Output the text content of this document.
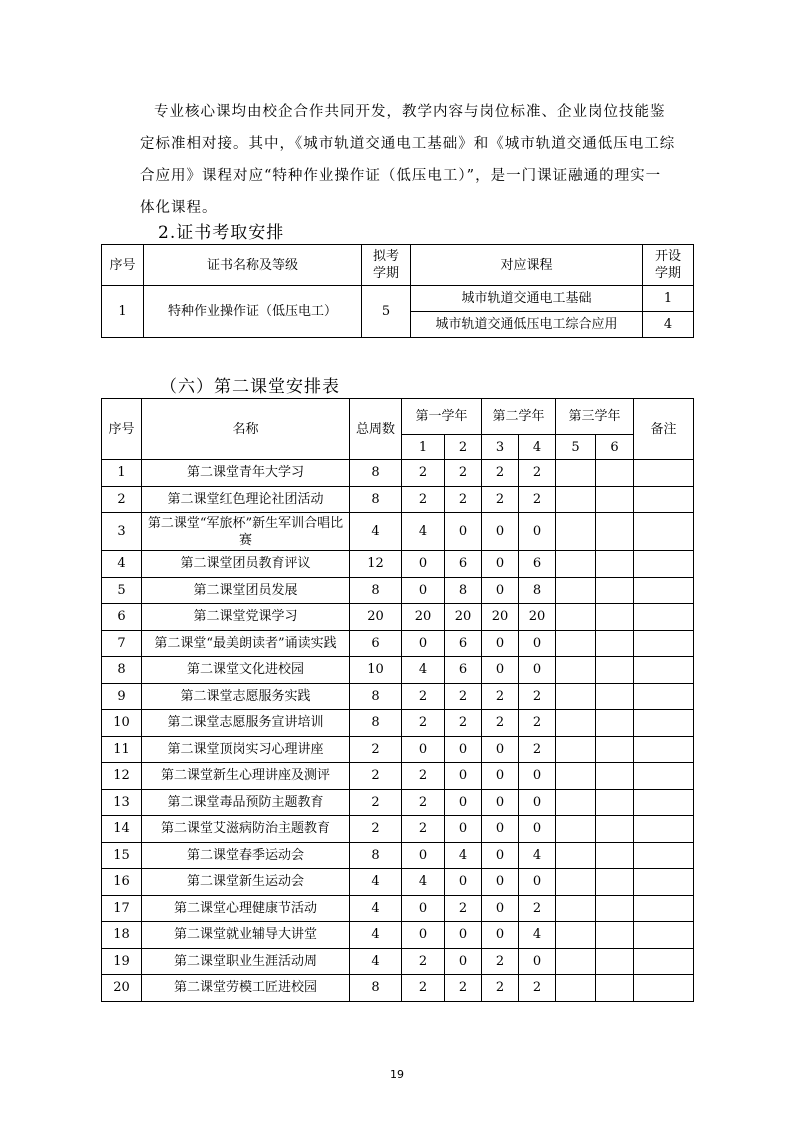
专业核心课均由校企合作共同开发，教学内容与岗位标准、企业岗位技能鉴
定标准相对接。其中，《城市轨道交通电工基础》和《城市轨道交通低压电工综
合应用》课程对应“特种作业操作证（低压电工）”，是一门课证融通的理实一
体化课程。
2.证书考取安排
序号	证书名称及等级	拟考学期	对应课程	开设学期
1	特种作业操作证（低压电工）	5	城市轨道交通电工基础	1
			城市轨道交通低压电工综合应用	4
（六）第二课堂安排表
序号	名称	总周数	第一学年		第二学年		第三学年		备注
			1	2	3	4	5	6	
1	第二课堂青年大学习	8	2	2	2	2			
2	第二课堂红色理论社团活动	8	2	2	2	2			
3	第二课堂“军旅杯”新生军训合唱比赛	4	4	0	0	0			
4	第二课堂团员教育评议	12	0	6	0	6			
5	第二课堂团员发展	8	0	8	0	8			
6	第二课堂党课学习	20	20	20	20	20			
7	第二课堂“最美朗读者”诵读实践	6	0	6	0	0			
8	第二课堂文化进校园	10	4	6	0	0			
9	第二课堂志愿服务实践	8	2	2	2	2			
10	第二课堂志愿服务宣讲培训	8	2	2	2	2			
11	第二课堂顶岗实习心理讲座	2	0	0	0	2			
12	第二课堂新生心理讲座及测评	2	2	0	0	0			
13	第二课堂毒品预防主题教育	2	2	0	0	0			
14	第二课堂艾滋病防治主题教育	2	2	0	0	0			
15	第二课堂春季运动会	8	0	4	0	4			
16	第二课堂新生运动会	4	4	0	0	0			
17	第二课堂心理健康节活动	4	0	2	0	2			
18	第二课堂就业辅导大讲堂	4	0	0	0	4			
19	第二课堂职业生涯活动周	4	2	0	2	0			
20	第二课堂劳模工匠进校园	8	2	2	2	2			
19
